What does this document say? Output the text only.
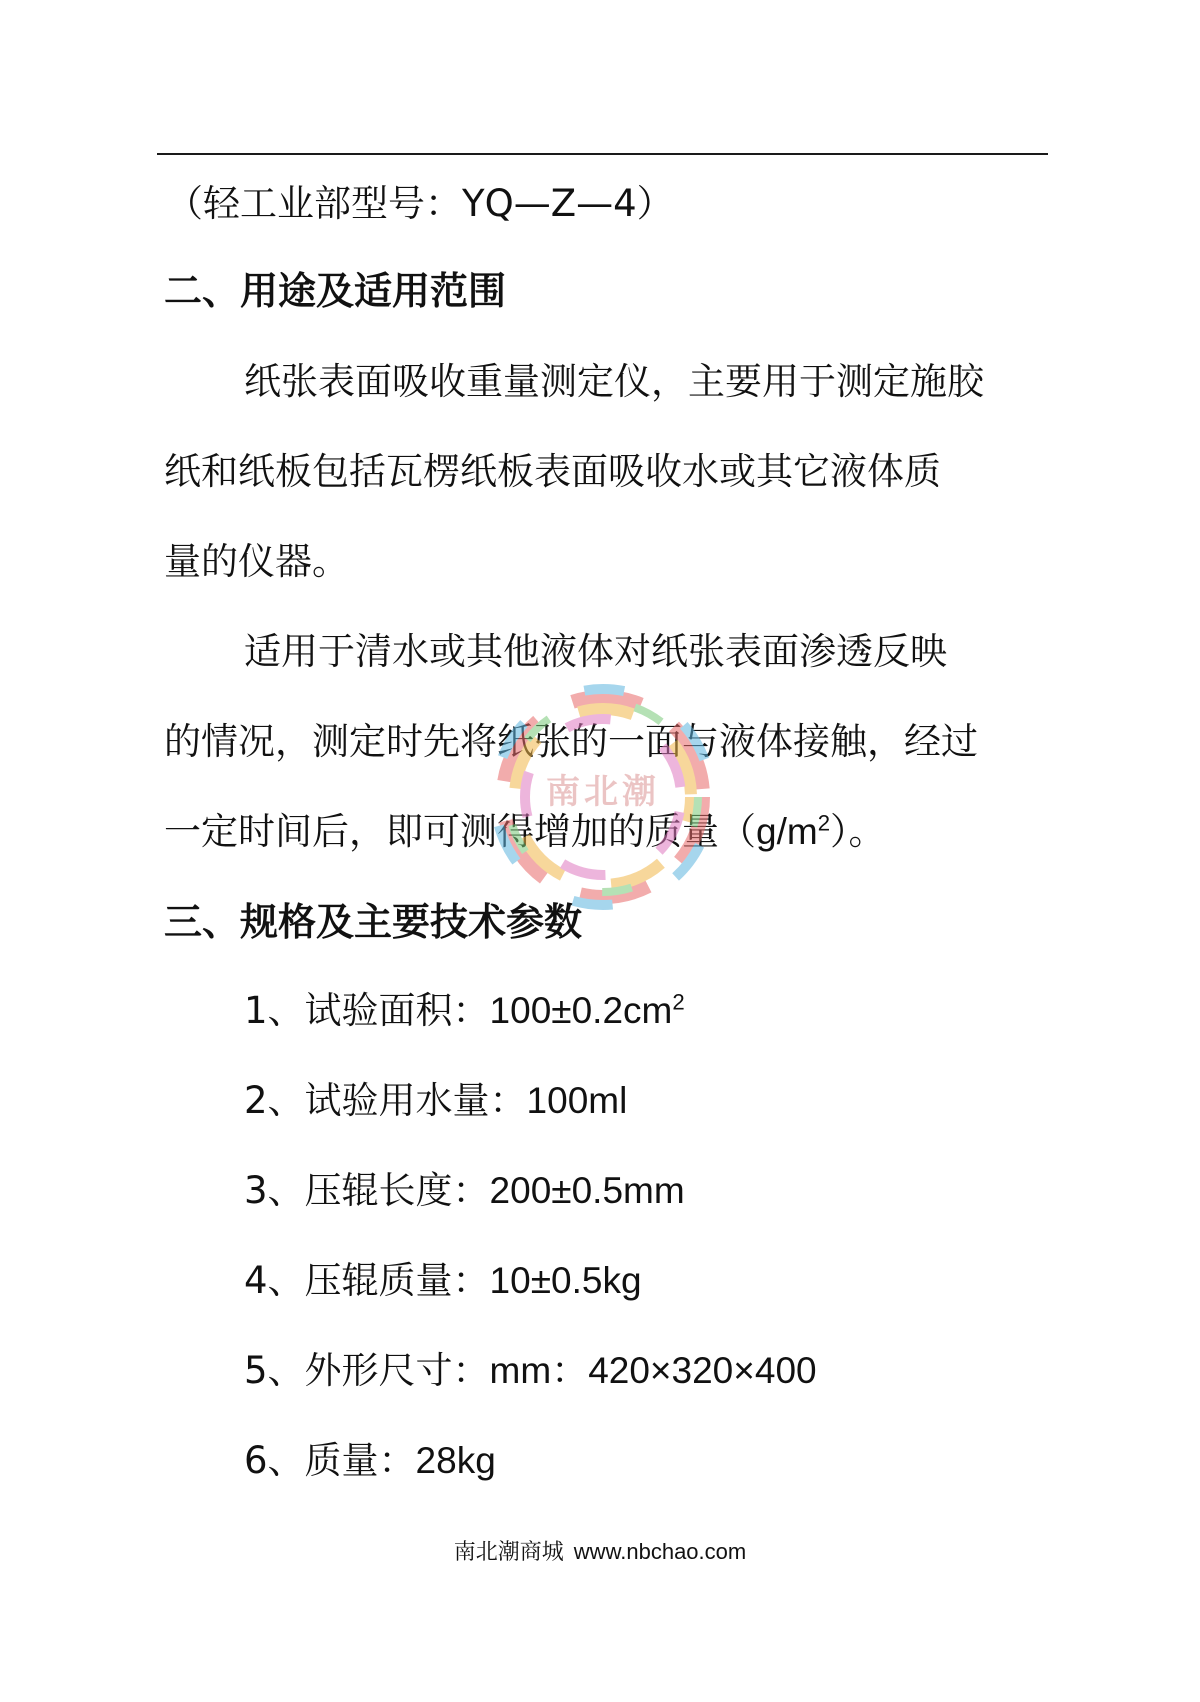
（轻工业部型号：YQ—Z—4）
二、用途及适用范围
纸张表面吸收重量测定仪，主要用于测定施胶
纸和纸板包括瓦楞纸板表面吸收水或其它液体质
量的仪器。
适用于清水或其他液体对纸张表面渗透反映
的情况，测定时先将纸张的一面与液体接触，经过
一定时间后，即可测得增加的质量$(g/m^2)$。
三、规格及主要技术参数
1、试验面积：$100\pm 0.2cm^2$
2、试验用水量：100ml
3、压辊长度：200±0.5mm
4、压辊质量：10±0.5kg
5、外形尺寸：mm：420×320×400
6、质量：28kg
南北潮
南北潮商城 www.nbchao.com
